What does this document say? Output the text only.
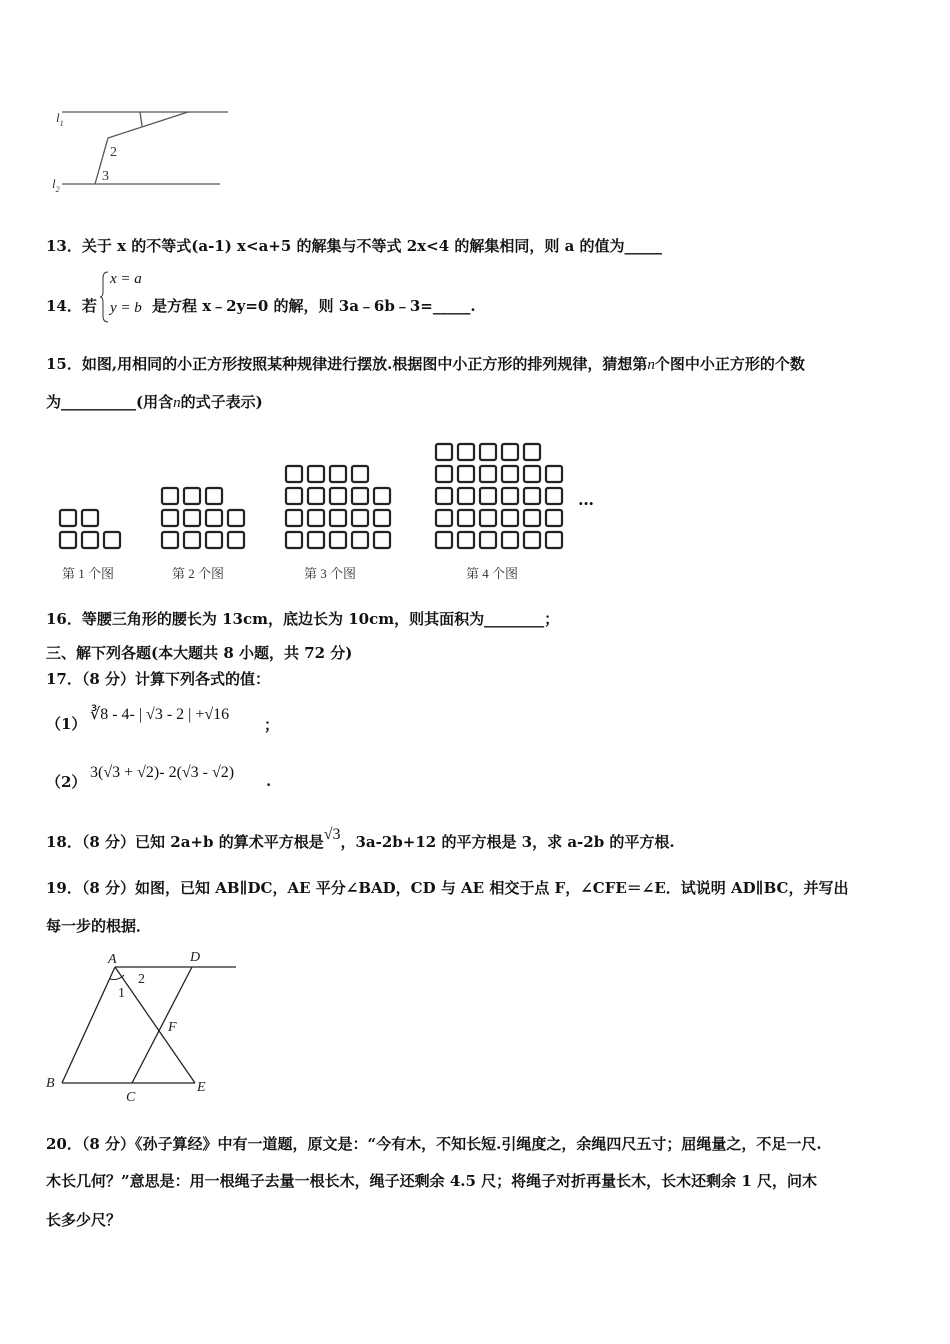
$l_1$
$l_2$
2
3
13．关于 x 的不等式(a-1) x<a+5 的解集与不等式 2x<4 的解集相同，则 a 的值为_____
14．若
x = a
y = b 是方程 x﹣2y=0 的解，则 3a﹣6b﹣3=_____.
15．如图,用相同的小正方形按照某种规律进行摆放.根据图中小正方形的排列规律，猜想第n个图中小正方形的个数
为__________(用含n的式子表示)
第 1 个图	第 2 个图	第 3 个图	第 4 个图
…
16．等腰三角形的腰长为 13cm，底边长为 10cm，则其面积为________；
三、解下列各题(本大题共 8 小题，共 72 分)
17．（8 分）计算下列各式的值：
（1）
∛8 - 4- | √3 - 2 | +√16
；
（2）
3(√3 + √2)- 2(√3 - √2) .
18．（8 分）已知 2a+b 的算术平方根是√3，3a-2b+12 的平方根是 3，求 a-2b 的平方根.
19．（8 分）如图，已知 AB∥DC，AE 平分∠BAD，CD 与 AE 相交于点 F，∠CFE＝∠E．试说明 AD∥BC，并写出
每一步的根据．
A	D
2
1
F
B
C
E
20．（8 分）《孙子算经》中有一道题，原文是：“今有木，不知长短.引绳度之，余绳四尺五寸；屈绳量之，不足一尺.
木长几何？”意思是：用一根绳子去量一根长木，绳子还剩余 4.5 尺；将绳子对折再量长木，长木还剩余 1 尺，问木
长多少尺？
